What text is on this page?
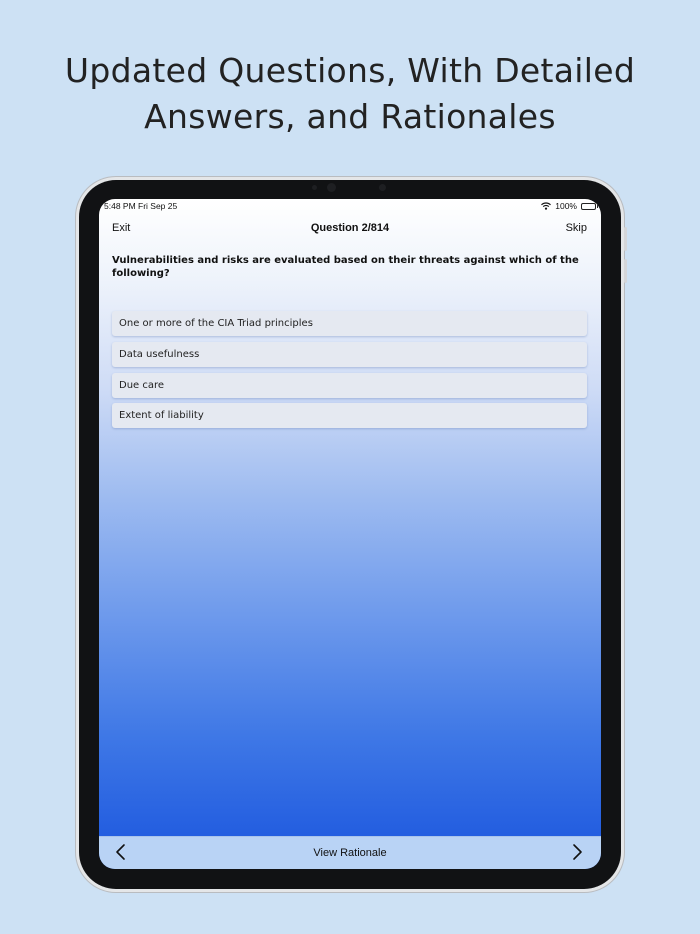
Updated Questions, With Detailed
Answers, and Rationales
5:48 PM Fri Sep 25	100%
Exit	Question 2/814	Skip
Vulnerabilities and risks are evaluated based on their threats against which of the following?
One or more of the CIA Triad principles
Data usefulness
Due care
Extent of liability
View Rationale
